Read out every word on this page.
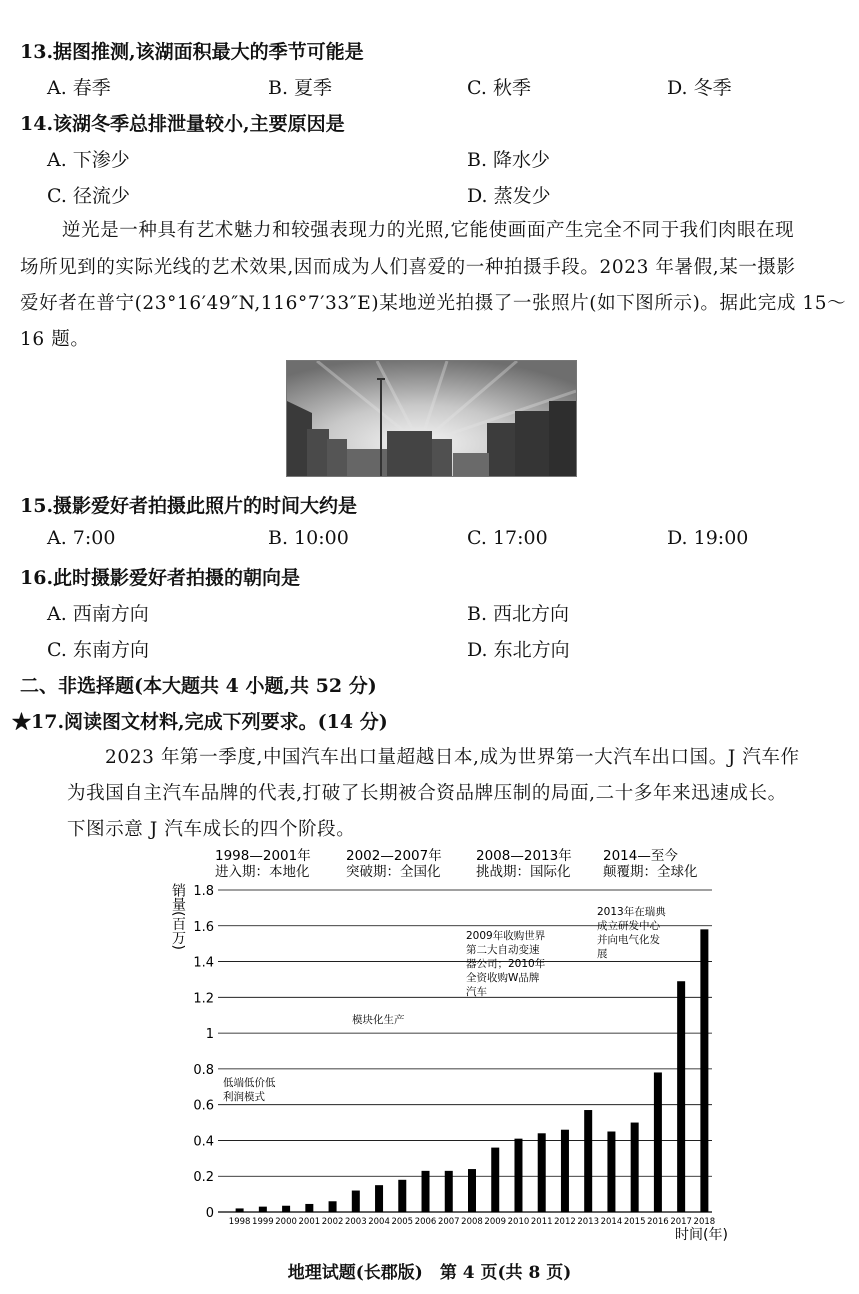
13.据图推测,该湖面积最大的季节可能是
A. 春季	B. 夏季	C. 秋季	D. 冬季
14.该湖冬季总排泄量较小,主要原因是
A. 下渗少	B. 降水少
C. 径流少	D. 蒸发少
逆光是一种具有艺术魅力和较强表现力的光照,它能使画面产生完全不同于我们肉眼在现
场所见到的实际光线的艺术效果,因而成为人们喜爱的一种拍摄手段。2023 年暑假,某一摄影
爱好者在普宁(23°16′49″N,116°7′33″E)某地逆光拍摄了一张照片(如下图所示)。据此完成 15～
16 题。
15.摄影爱好者拍摄此照片的时间大约是
A. 7:00	B. 10:00	C. 17:00	D. 19:00
16.此时摄影爱好者拍摄的朝向是
A. 西南方向	B. 西北方向
C. 东南方向	D. 东北方向
二、非选择题(本大题共 4 小题,共 52 分)
★17.阅读图文材料,完成下列要求。(14 分)
2023 年第一季度,中国汽车出口量超越日本,成为世界第一大汽车出口国。J 汽车作
为我国自主汽车品牌的代表,打破了长期被合资品牌压制的局面,二十多年来迅速成长。
下图示意 J 汽车成长的四个阶段。
0
0.2
0.4
0.6
0.8
1
1.2
1.4
1.6
1.8
1998 1999 2000 2001 2002 2003 2004 2005 2006 2007 2008 2009 2010 2011 2012 2013 2014 2015 2016 2017 2018
销量(百万)
时间(年)
1998—2001年
进入期：本地化
2002—2007年
突破期：全国化
2008—2013年
挑战期：国际化
2014—至今
颠覆期：全球化
低端低价低
利润模式
模块化生产
2009年收购世界
第二大自动变速
器公司；2010年
全资收购W品牌
汽车
2013年在瑞典
成立研发中心
并向电气化发
展
地理试题(长郡版)　第 4 页(共 8 页)
